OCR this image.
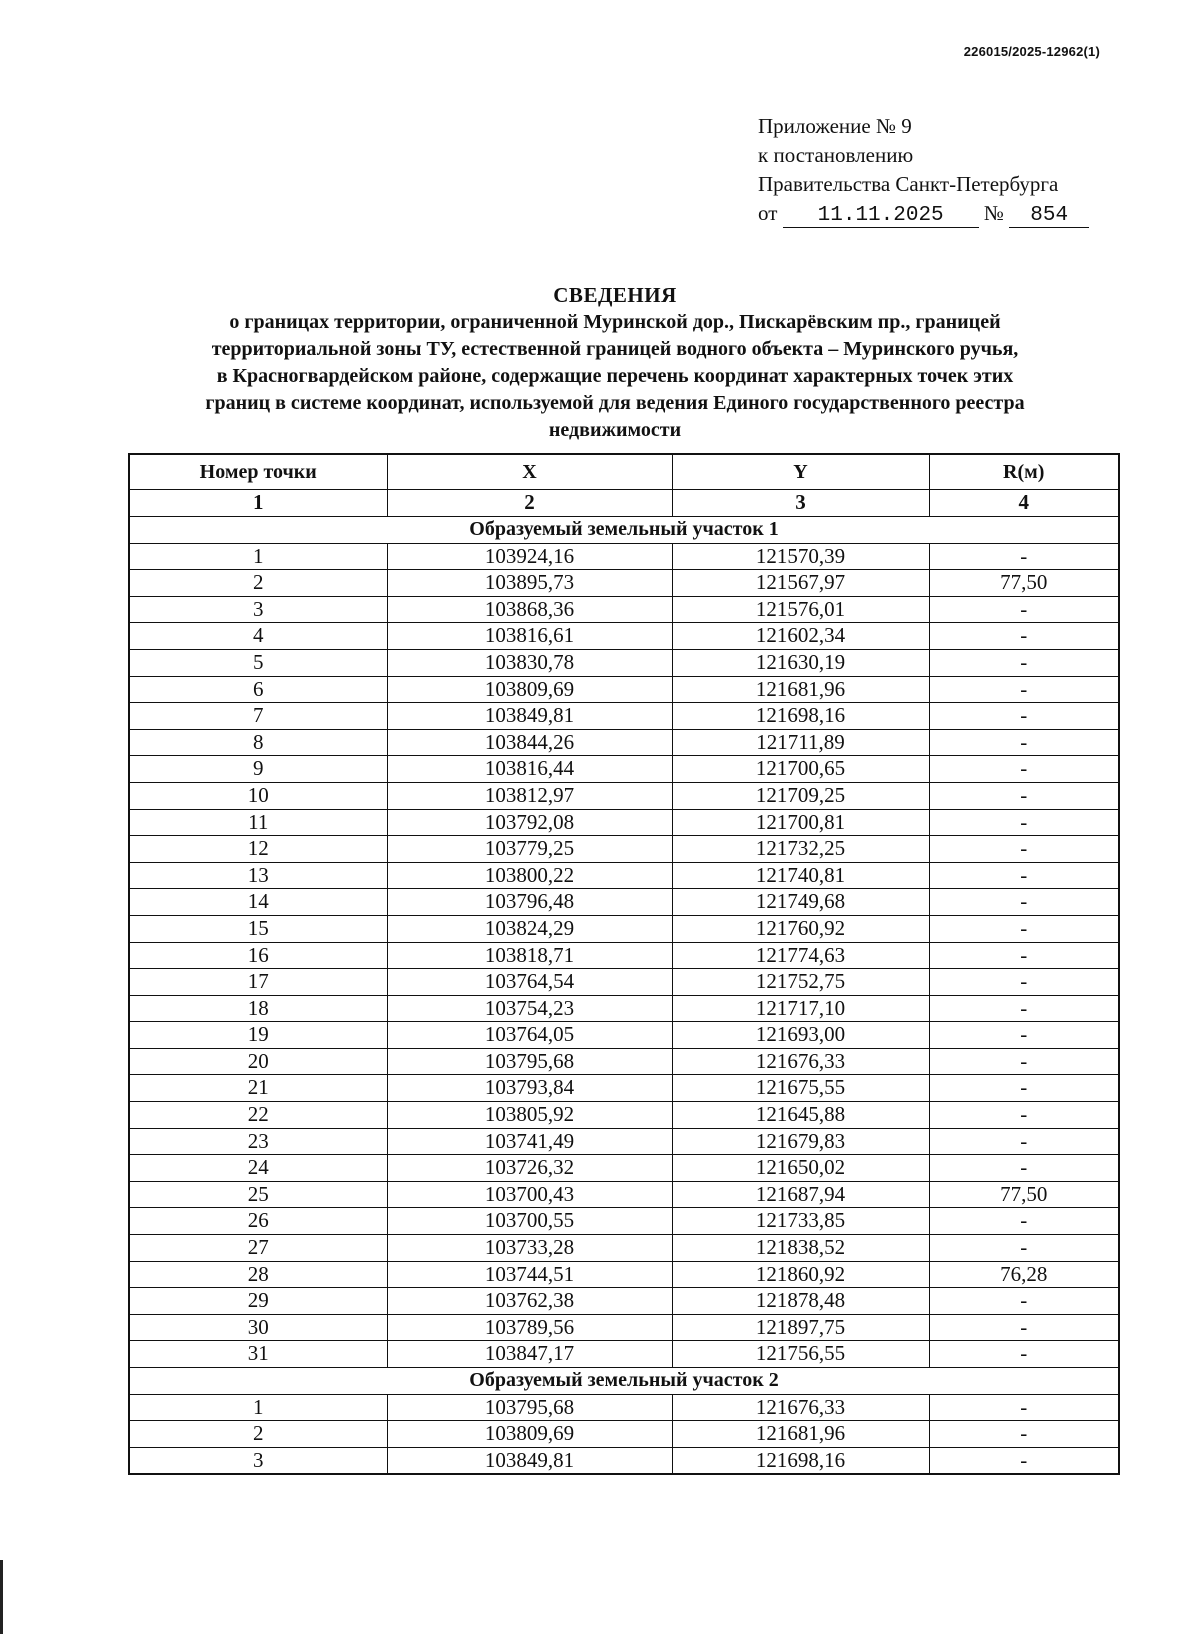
226015/2025-12962(1)
Приложение № 9
к постановлению
Правительства Санкт-Петербурга
от 11.11.2025 № 854
СВЕДЕНИЯ
о границах территории, ограниченной Муринской дор., Пискарёвским пр., границей
территориальной зоны ТУ, естественной границей водного объекта – Муринского ручья,
в Красногвардейском районе, содержащие перечень координат характерных точек этих
границ в системе координат, используемой для ведения Единого государственного реестра
недвижимости
Номер точки	X	Y	R(м)
1	2	3	4
Образуемый земельный участок 1			
1	103924,16	121570,39	-
2	103895,73	121567,97	77,50
3	103868,36	121576,01	-
4	103816,61	121602,34	-
5	103830,78	121630,19	-
6	103809,69	121681,96	-
7	103849,81	121698,16	-
8	103844,26	121711,89	-
9	103816,44	121700,65	-
10	103812,97	121709,25	-
11	103792,08	121700,81	-
12	103779,25	121732,25	-
13	103800,22	121740,81	-
14	103796,48	121749,68	-
15	103824,29	121760,92	-
16	103818,71	121774,63	-
17	103764,54	121752,75	-
18	103754,23	121717,10	-
19	103764,05	121693,00	-
20	103795,68	121676,33	-
21	103793,84	121675,55	-
22	103805,92	121645,88	-
23	103741,49	121679,83	-
24	103726,32	121650,02	-
25	103700,43	121687,94	77,50
26	103700,55	121733,85	-
27	103733,28	121838,52	-
28	103744,51	121860,92	76,28
29	103762,38	121878,48	-
30	103789,56	121897,75	-
31	103847,17	121756,55	-
Образуемый земельный участок 2			
1	103795,68	121676,33	-
2	103809,69	121681,96	-
3	103849,81	121698,16	-
